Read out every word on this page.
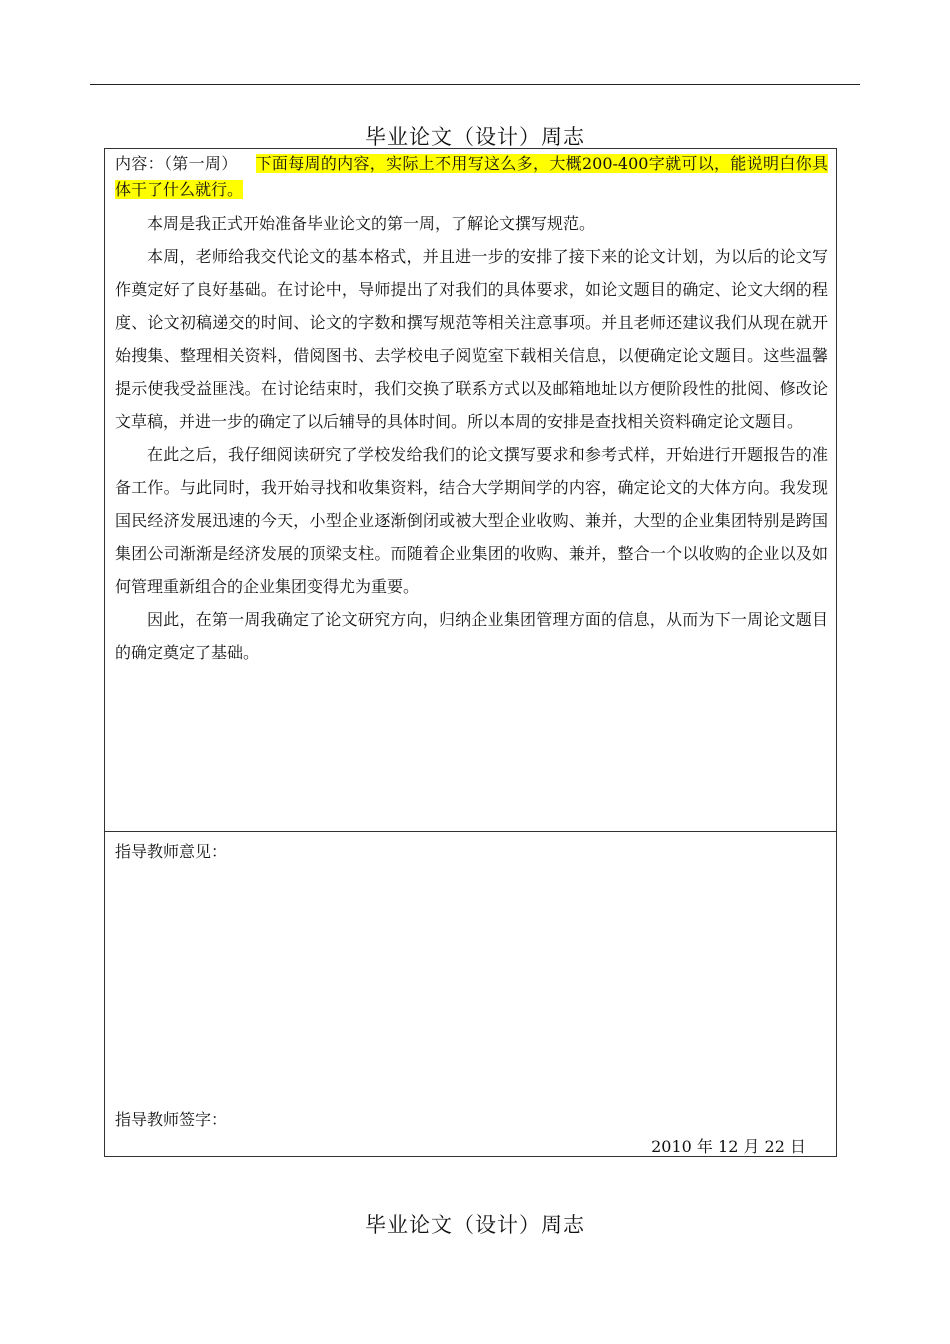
毕业论文（设计）周志
内容：（第一周） 下面每周的内容，实际上不用写这么多，大概200-400字就可以，能说明白你具体干了什么就行。

本周是我正式开始准备毕业论文的第一周，了解论文撰写规范。

本周，老师给我交代论文的基本格式，并且进一步的安排了接下来的论文计划，为以后的论文写作奠定好了良好基础。在讨论中，导师提出了对我们的具体要求，如论文题目的确定、论文大纲的程度、论文初稿递交的时间、论文的字数和撰写规范等相关注意事项。并且老师还建议我们从现在就开始搜集、整理相关资料，借阅图书、去学校电子阅览室下载相关信息，以便确定论文题目。这些温馨提示使我受益匪浅。在讨论结束时，我们交换了联系方式以及邮箱地址以方便阶段性的批阅、修改论文草稿，并进一步的确定了以后辅导的具体时间。所以本周的安排是查找相关资料确定论文题目。

在此之后，我仔细阅读研究了学校发给我们的论文撰写要求和参考式样，开始进行开题报告的准备工作。与此同时，我开始寻找和收集资料，结合大学期间学的内容，确定论文的大体方向。我发现国民经济发展迅速的今天，小型企业逐渐倒闭或被大型企业收购、兼并，大型的企业集团特别是跨国集团公司渐渐是经济发展的顶梁支柱。而随着企业集团的收购、兼并，整合一个以收购的企业以及如何管理重新组合的企业集团变得尤为重要。

因此，在第一周我确定了论文研究方向，归纳企业集团管理方面的信息，从而为下一周论文题目的确定奠定了基础。

指导教师意见：
指导教师签字：
2010 年 12 月 22 日
毕业论文（设计）周志
